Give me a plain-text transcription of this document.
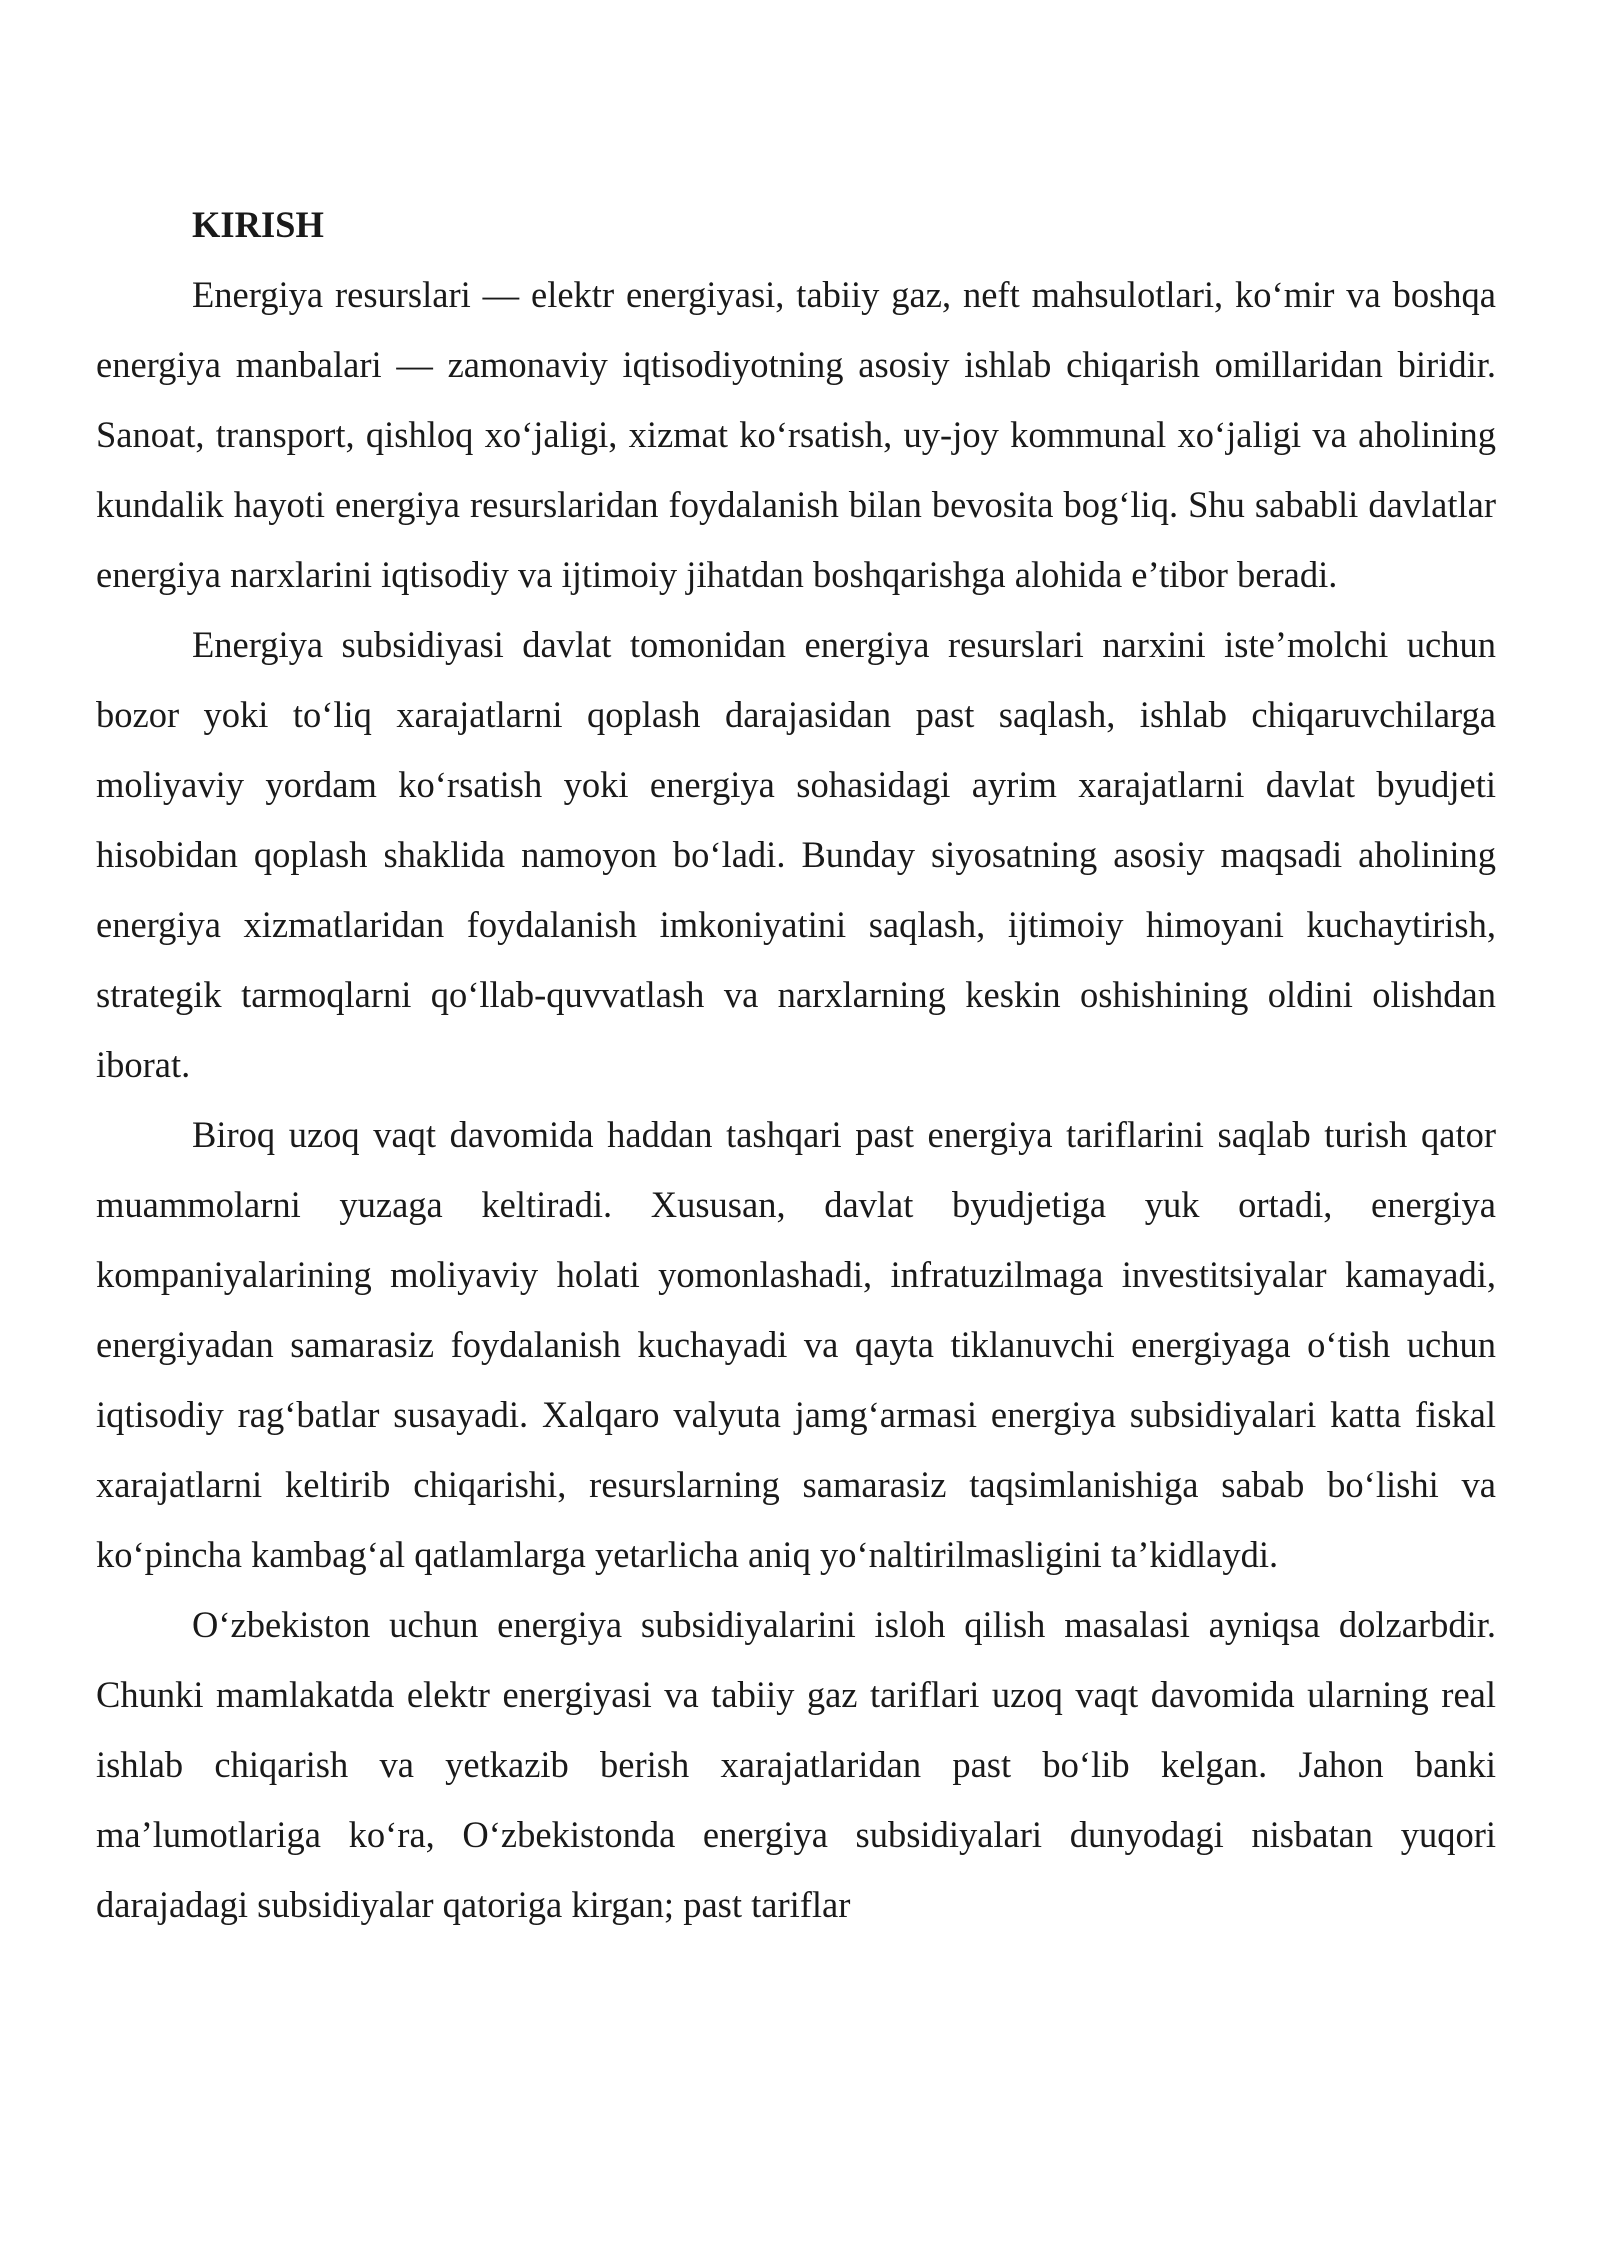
KIRISH

Energiya resurslari — elektr energiyasi, tabiiy gaz, neft mahsulotlari, ko‘mir va boshqa energiya manbalari — zamonaviy iqtisodiyotning asosiy ishlab chiqarish omillaridan biridir. Sanoat, transport, qishloq xo‘jaligi, xizmat ko‘rsatish, uy-joy kommunal xo‘jaligi va aholining kundalik hayoti energiya resurslaridan foydalanish bilan bevosita bog‘liq. Shu sababli davlatlar energiya narxlarini iqtisodiy va ijtimoiy jihatdan boshqarishga alohida e’tibor beradi.

Energiya subsidiyasi davlat tomonidan energiya resurslari narxini iste’molchi uchun bozor yoki to‘liq xarajatlarni qoplash darajasidan past saqlash, ishlab chiqaruvchilarga moliyaviy yordam ko‘rsatish yoki energiya sohasidagi ayrim xarajatlarni davlat byudjeti hisobidan qoplash shaklida namoyon bo‘ladi. Bunday siyosatning asosiy maqsadi aholining energiya xizmatlaridan foydalanish imkoniyatini saqlash, ijtimoiy himoyani kuchaytirish, strategik tarmoqlarni qo‘llab-quvvatlash va narxlarning keskin oshishining oldini olishdan iborat.

Biroq uzoq vaqt davomida haddan tashqari past energiya tariflarini saqlab turish qator muammolarni yuzaga keltiradi. Xususan, davlat byudjetiga yuk ortadi, energiya kompaniyalarining moliyaviy holati yomonlashadi, infratuzilmaga investitsiyalar kamayadi, energiyadan samarasiz foydalanish kuchayadi va qayta tiklanuvchi energiyaga o‘tish uchun iqtisodiy rag‘batlar susayadi. Xalqaro valyuta jamg‘armasi energiya subsidiyalari katta fiskal xarajatlarni keltirib chiqarishi, resurslarning samarasiz taqsimlanishiga sabab bo‘lishi va ko‘pincha kambag‘al qatlamlarga yetarlicha aniq yo‘naltirilmasligini ta’kidlaydi.

O‘zbekiston uchun energiya subsidiyalarini isloh qilish masalasi ayniqsa dolzarbdir. Chunki mamlakatda elektr energiyasi va tabiiy gaz tariflari uzoq vaqt davomida ularning real ishlab chiqarish va yetkazib berish xarajatlaridan past bo‘lib kelgan. Jahon banki ma’lumotlariga ko‘ra, O‘zbekistonda energiya subsidiyalari dunyodagi nisbatan yuqori darajadagi subsidiyalar qatoriga kirgan; past tariflar
